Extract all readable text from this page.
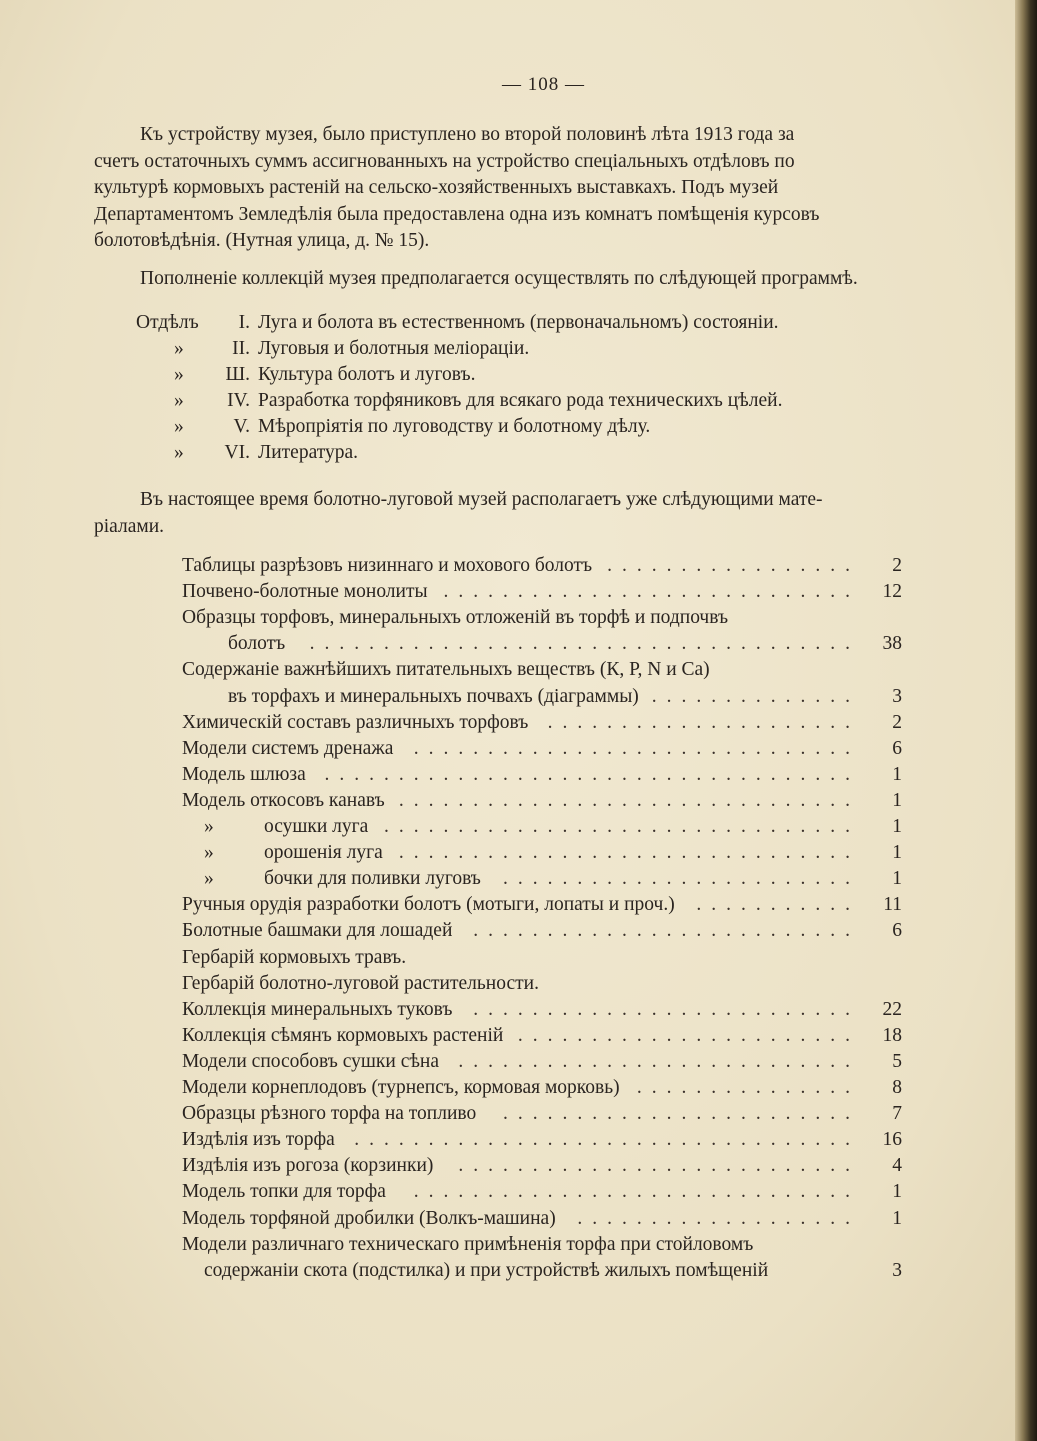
— 108 —
Къ устройству музея, было приступлено во второй половинѣ лѣта 1913 года за
счетъ остаточныхъ суммъ ассигнованныхъ на устройство спеціальныхъ отдѣловъ по
культурѣ кормовыхъ растеній на сельско-хозяйственныхъ выставкахъ. Подъ музей
Департаментомъ Земледѣлія была предоставлена одна изъ комнатъ помѣщенія курсовъ
болотовѣдѣнія. (Нутная улица, д. № 15).
Пополненіе коллекцій музея предполагается осуществлять по слѣдующей программѣ.
Отдѣлъ	I. Луга и болота въ естественномъ (первоначальномъ) состояніи.
»	II. Луговыя и болотныя меліораціи.
»	Ш. Культура болотъ и луговъ.
»	IV. Разработка торфяниковъ для всякаго рода техническихъ цѣлей.
»	V. Мѣропріятія по луговодству и болотному дѣлу.
»	VI. Литература.
Въ настоящее время болотно-луговой музей располагаетъ уже слѣдующими мате-
ріалами.
Таблицы разрѣзовъ низиннаго и мохового болотъ .................	2
Почвено-болотные монолиты ............................	12
Образцы торфовъ, минеральныхъ отложеній въ торфѣ и подпочвъ
болотъ	.....................................	38
Содержаніе важнѣйшихъ питательныхъ веществъ (К, Р, N и Са)
въ торфахъ и минеральныхъ почвахъ (діаграммы) ..............	3
Химическій составъ различныхъ торфовъ .....................	2
Модели системъ дренажа	..............................	6
Модель шлюза ....................................	1
Модель откосовъ канавъ ...............................	1
»	осушки луга ................................	1
»	орошенія луга ...............................	1
»	бочки для поливки луговъ	........................	1
Ручныя орудія разработки болотъ (мотыги, лопаты и проч.)	...........	11
Болотные башмаки для лошадей	..........................	6
Гербарій кормовыхъ травъ.
Гербарій болотно-луговой растительности.
Коллекція минеральныхъ туковъ	..........................	22
Коллекція сѣмянъ кормовыхъ растеній .......................	18
Модели способовъ сушки сѣна ...........................	5
Модели корнеплодовъ (турнепсъ, кормовая морковь) ...............	8
Образцы рѣзного торфа на топливо	........................	7
Издѣлія изъ торфа ..................................	16
Издѣлія изъ рогоза (корзинки)	...........................	4
Модель топки для торфа	..............................	1
Модель торфяной дробилки (Волкъ-машина)	...................	1
Модели различнаго техническаго примѣненія торфа при стойловомъ
содержаніи скота (подстилка) и при устройствѣ жилыхъ помѣщеній	3
